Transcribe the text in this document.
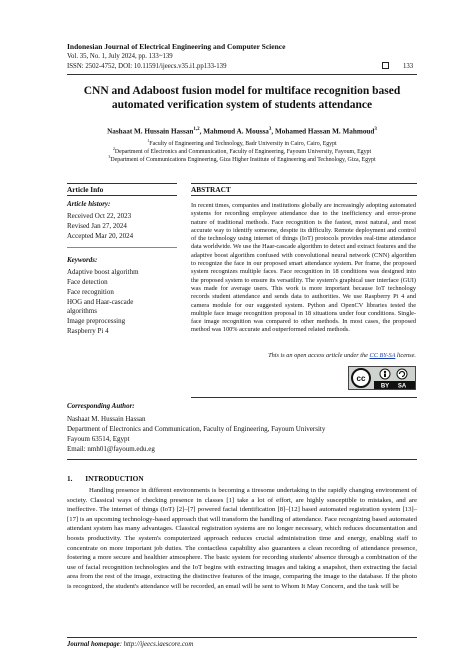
Indonesian Journal of Electrical Engineering and Computer Science
Vol. 35, No. 1, July 2024, pp. 133~139
ISSN: 2502-4752, DOI: 10.11591/ijeecs.v35.i1.pp133-139	133
CNN and Adaboost fusion model for multiface recognition based automated verification system of students attendance
Nashaat M. Hussain Hassan$^{1,2}$, Mahmoud A. Moussa$^3$, Mohamed Hassan M. Mahmoud$^3$
$^1$Faculty of Engineering and Technology, Badr University in Cairo, Cairo, Egypt
$^2$Department of Electronics and Communication, Faculty of Engineering, Fayoum University, Fayoum, Egypt
$^3$Department of Communications Engineering, Giza Higher Institute of Engineering and Technology, Giza, Egypt
Article Info
Article history:
Received Oct 22, 2023
Revised Jan 27, 2024
Accepted Mar 20, 2024
Keywords:
Adaptive boost algorithm
Face detection
Face recognition
HOG and Haar-cascade
algorithms
Image preprocessing
Raspberry Pi 4
ABSTRACT
In recent times, companies and institutions globally are increasingly adopting automated systems for recording employee attendance due to the inefficiency and error-prone nature of traditional methods. Face recognition is the fastest, most natural, and most accurate way to identify someone, despite its difficulty. Remote deployment and control of the technology using internet of things (IoT) protocols provides real-time attendance data worldwide. We use the Haar-cascade algorithm to detect and extract features and the adaptive boost algorithm confused with convolutional neural network (CNN) algorithm to recognize the face in our proposed smart attendance system. Per frame, the proposed system recognizes multiple faces. Face recognition in 18 conditions was designed into the proposed system to ensure its versatility. The system's graphical user interface (GUI) was made for average users. This work is more important because IoT technology records student attendance and sends data to authorities. We use Raspberry Pi 4 and camera module for our suggested system. Python and OpenCV libraries tested the multiple face image recognition proposal in 18 situations under four conditions. Single-face image recognition was compared to other methods. In most cases, the proposed method was 100% accurate and outperformed related methods.
This is an open access article under the CC BY-SA license.
cc
BY SA
Corresponding Author:
Nashaat M. Hussain Hassan
Department of Electronics and Communication, Faculty of Engineering, Fayoum University
Fayoum 63514, Egypt
Email: nmh01@fayoum.edu.eg
1.       INTRODUCTION
Handling presence in different environments is becoming a tiresome undertaking in the rapidly changing environment of society. Classical ways of checking presence in classes [1] take a lot of effort, are highly susceptible to mistakes, and are ineffective. The internet of things (IoT) [2]–[7] powered facial identification [8]–[12] based automated registration system [13]–[17] is an upcoming technology-based approach that will transform the handling of attendance. Face recognizing based automated attendant system has many advantages. Classical registration systems are no longer necessary, which reduces documentation and boosts productivity. The system's computerized approach reduces crucial administration time and energy, enabling staff to concentrate on more important job duties. The contactless capability also guarantees a clean recording of attendance presence, fostering a more secure and healthier atmosphere. The basic system for recording students' absence through a combination of the use of facial recognition technologies and the IoT begins with extracting images and taking a snapshot, then extracting the facial area from the rest of the image, extracting the distinctive features of the image, comparing the image to the database. If the photo is recognized, the student's attendance will be recorded, an email will be sent to Whom It May Concern, and the task will be
Journal homepage: http://ijeecs.iaescore.com
